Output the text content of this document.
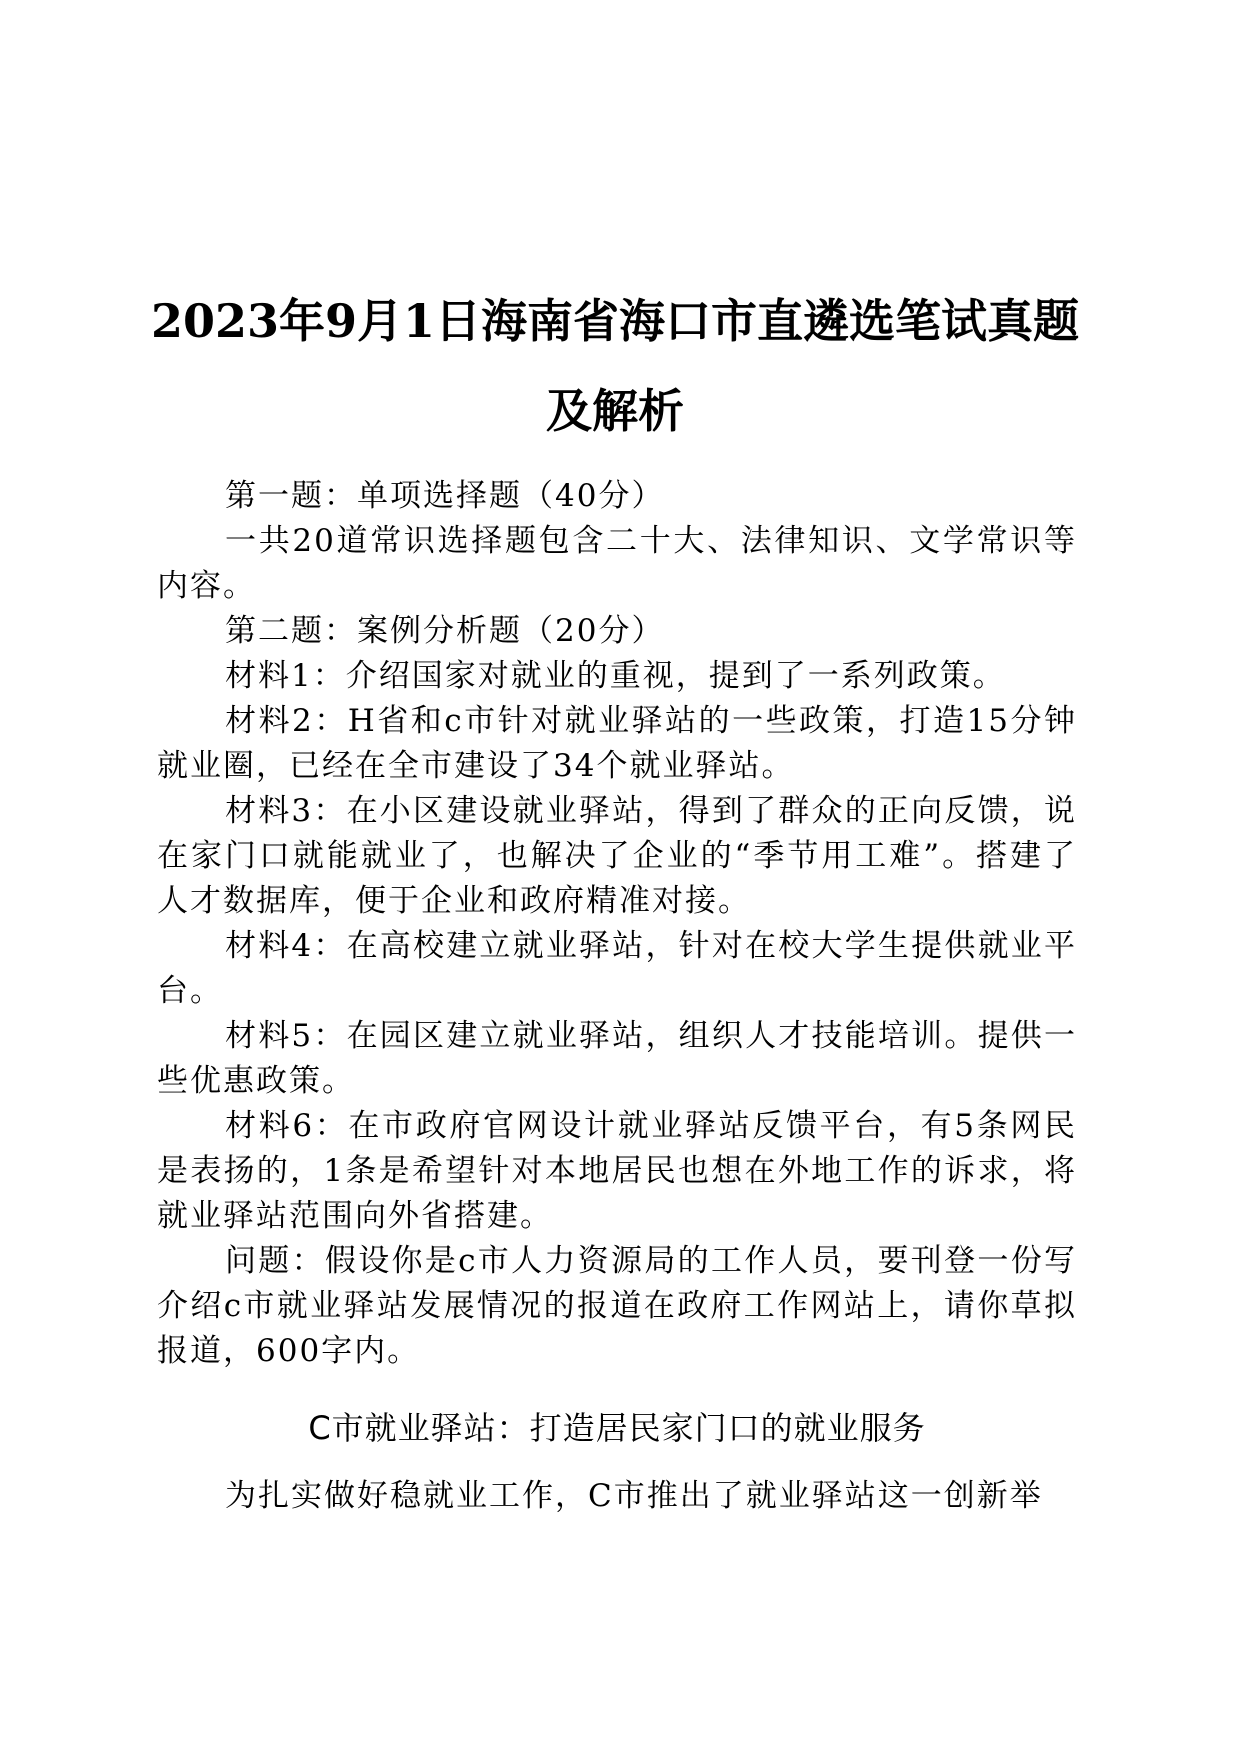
2023年9月1日海南省海口市直遴选笔试真题
及解析

第一题：单项选择题（40分）

一共20道常识选择题包含二十大、法律知识、文学常识等内容。

第二题：案例分析题（20分）

材料1：介绍国家对就业的重视，提到了一系列政策。

材料2：H省和c市针对就业驿站的一些政策，打造15分钟就业圈，已经在全市建设了34个就业驿站。

材料3：在小区建设就业驿站，得到了群众的正向反馈，说在家门口就能就业了，也解决了企业的“季节用工难”。搭建了人才数据库，便于企业和政府精准对接。

材料4：在高校建立就业驿站，针对在校大学生提供就业平台。

材料5：在园区建立就业驿站，组织人才技能培训。提供一些优惠政策。

材料6：在市政府官网设计就业驿站反馈平台，有5条网民是表扬的，1条是希望针对本地居民也想在外地工作的诉求，将就业驿站范围向外省搭建。

问题：假设你是c市人力资源局的工作人员，要刊登一份写介绍c市就业驿站发展情况的报道在政府工作网站上，请你草拟报道，600字内。

C市就业驿站：打造居民家门口的就业服务

为扎实做好稳就业工作，C市推出了就业驿站这一创新举
